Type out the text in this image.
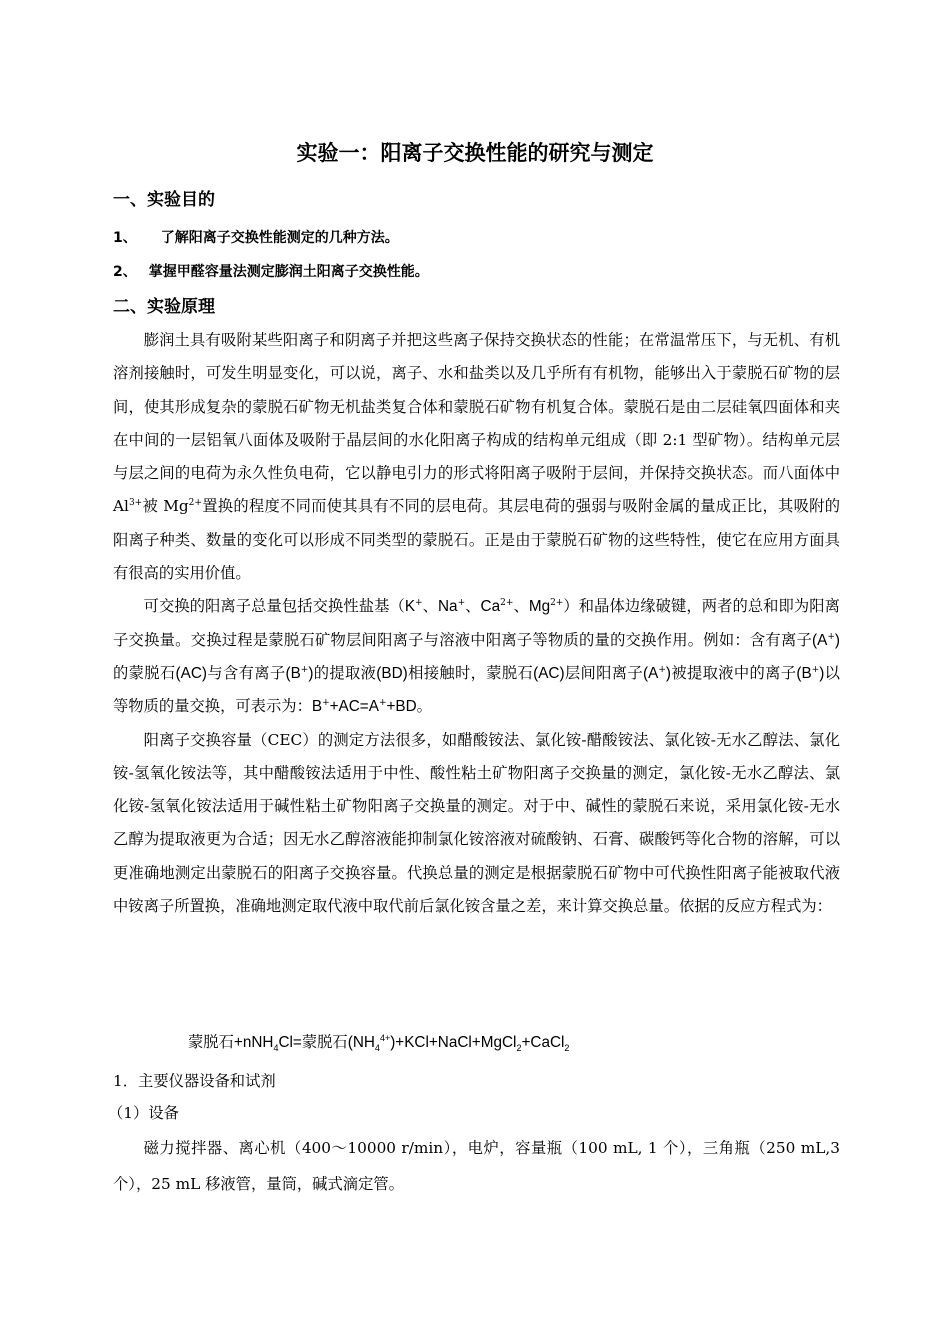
实验一：阳离子交换性能的研究与测定
一、实验目的

1、 了解阳离子交换性能测定的几种方法。

2、 掌握甲醛容量法测定膨润土阳离子交换性能。

二、实验原理

膨润土具有吸附某些阳离子和阴离子并把这些离子保持交换状态的性能；在常温常压下，与无机、有机溶剂接触时，可发生明显变化，可以说，离子、水和盐类以及几乎所有有机物，能够出入于蒙脱石矿物的层间，使其形成复杂的蒙脱石矿物无机盐类复合体和蒙脱石矿物有机复合体。蒙脱石是由二层硅氧四面体和夹在中间的一层铝氧八面体及吸附于晶层间的水化阳离子构成的结构单元组成（即 2:1 型矿物）。结构单元层与层之间的电荷为永久性负电荷，它以静电引力的形式将阳离子吸附于层间，并保持交换状态。而八面体中 $Al^{3+}$被 $Mg^{2+}$置换的程度不同而使其具有不同的层电荷。其层电荷的强弱与吸附金属的量成正比，其吸附的阳离子种类、数量的变化可以形成不同类型的蒙脱石。正是由于蒙脱石矿物的这些特性，使它在应用方面具有很高的实用价值。

可交换的阳离子总量包括交换性盐基（K+、Na+、$Ca^{2+}$、$Mg^{2+}$）和晶体边缘破键，两者的总和即为阳离子交换量。交换过程是蒙脱石矿物层间阳离子与溶液中阳离子等物质的量的交换作用。例如：含有离子(A+)的蒙脱石(AC)与含有离子(B+)的提取液(BD)相接触时，蒙脱石(AC)层间阳离子(A+)被提取液中的离子(B+)以等物质的量交换，可表示为：B++AC=A++BD。

阳离子交换容量（CEC）的测定方法很多，如醋酸铵法、氯化铵-醋酸铵法、氯化铵-无水乙醇法、氯化铵-氢氧化铵法等，其中醋酸铵法适用于中性、酸性粘土矿物阳离子交换量的测定，氯化铵-无水乙醇法、氯化铵-氢氧化铵法适用于碱性粘土矿物阳离子交换量的测定。对于中、碱性的蒙脱石来说，采用氯化铵-无水乙醇为提取液更为合适；因无水乙醇溶液能抑制氯化铵溶液对硫酸钠、石膏、碳酸钙等化合物的溶解，可以更准确地测定出蒙脱石的阳离子交换容量。代换总量的测定是根据蒙脱石矿物中可代换性阳离子能被取代液中铵离子所置换，准确地测定取代液中取代前后氯化铵含量之差，来计算交换总量。依据的反应方程式为：

蒙脱石+nNH$_4$Cl=蒙脱石$(NH_4^{4+})+KCl+NaCl+MgCl_2+CaCl_2$

1．主要仪器设备和试剂

（1）设备

磁力搅拌器、离心机（400～10000 r/min），电炉，容量瓶（100 mL, 1 个），三角瓶（250 mL,3 个），25 mL 移液管，量筒，碱式滴定管。
